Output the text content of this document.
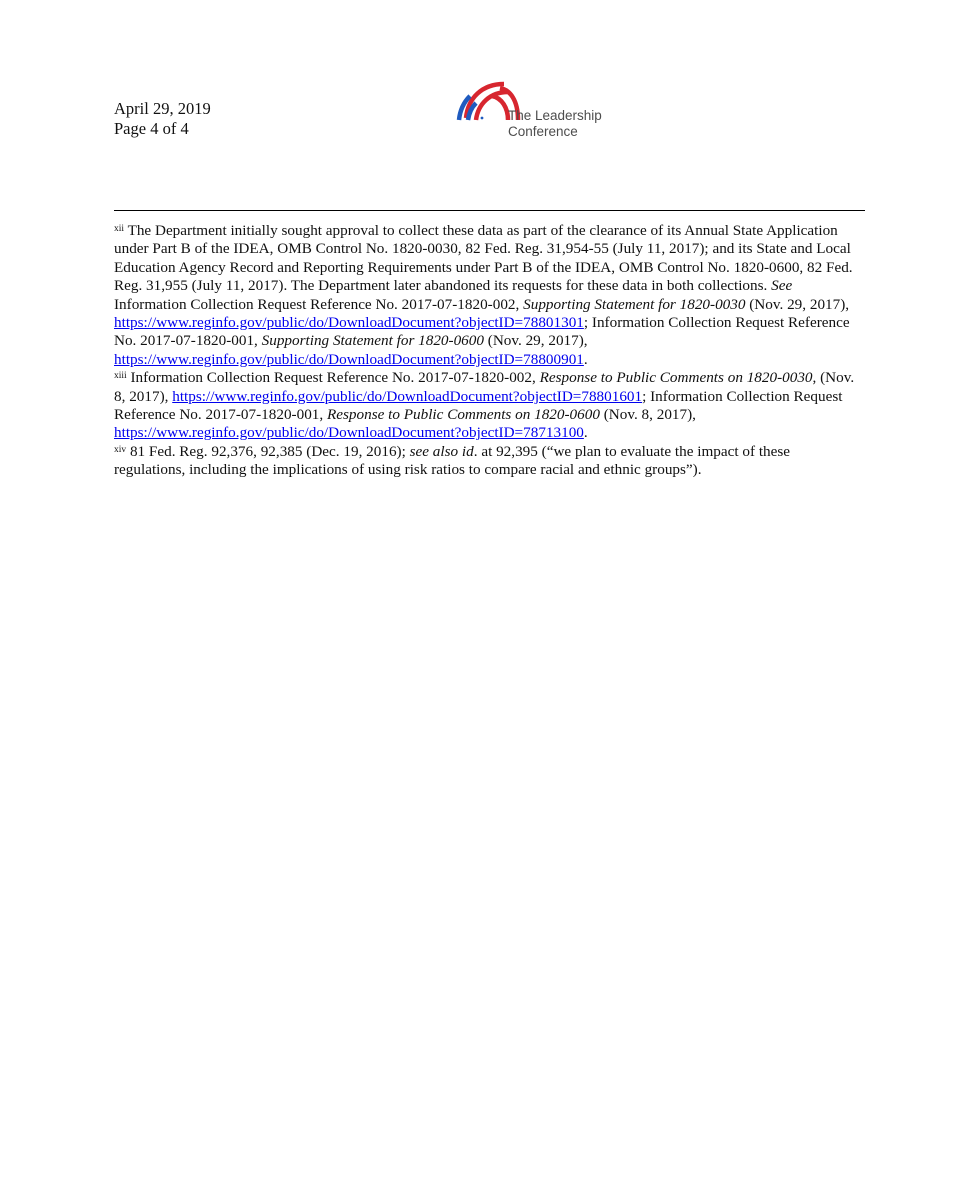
April 29, 2019
Page 4 of 4
The Leadership
Conference

$^{xii}$ The Department initially sought approval to collect these data as part of the clearance of its Annual State Application under Part B of the IDEA, OMB Control No. 1820-0030, 82 Fed. Reg. 31,954-55 (July 11, 2017); and its State and Local Education Agency Record and Reporting Requirements under Part B of the IDEA, OMB Control No. 1820-0600, 82 Fed. Reg. 31,955 (July 11, 2017). The Department later abandoned its requests for these data in both collections. See Information Collection Request Reference No. 2017-07-1820-002, Supporting Statement for 1820-0030 (Nov. 29, 2017), https://www.reginfo.gov/public/do/DownloadDocument?objectID=78801301; Information Collection Request Reference No. 2017-07-1820-001, Supporting Statement for 1820-0600 (Nov. 29, 2017), https://www.reginfo.gov/public/do/DownloadDocument?objectID=78800901.

$^{xiii}$ Information Collection Request Reference No. 2017-07-1820-002, Response to Public Comments on 1820-0030, (Nov. 8, 2017), https://www.reginfo.gov/public/do/DownloadDocument?objectID=78801601; Information Collection Request Reference No. 2017-07-1820-001, Response to Public Comments on 1820-0600 (Nov. 8, 2017), https://www.reginfo.gov/public/do/DownloadDocument?objectID=78713100.

$^{xiv}$ 81 Fed. Reg. 92,376, 92,385 (Dec. 19, 2016); see also id. at 92,395 (“we plan to evaluate the impact of these regulations, including the implications of using risk ratios to compare racial and ethnic groups”).
